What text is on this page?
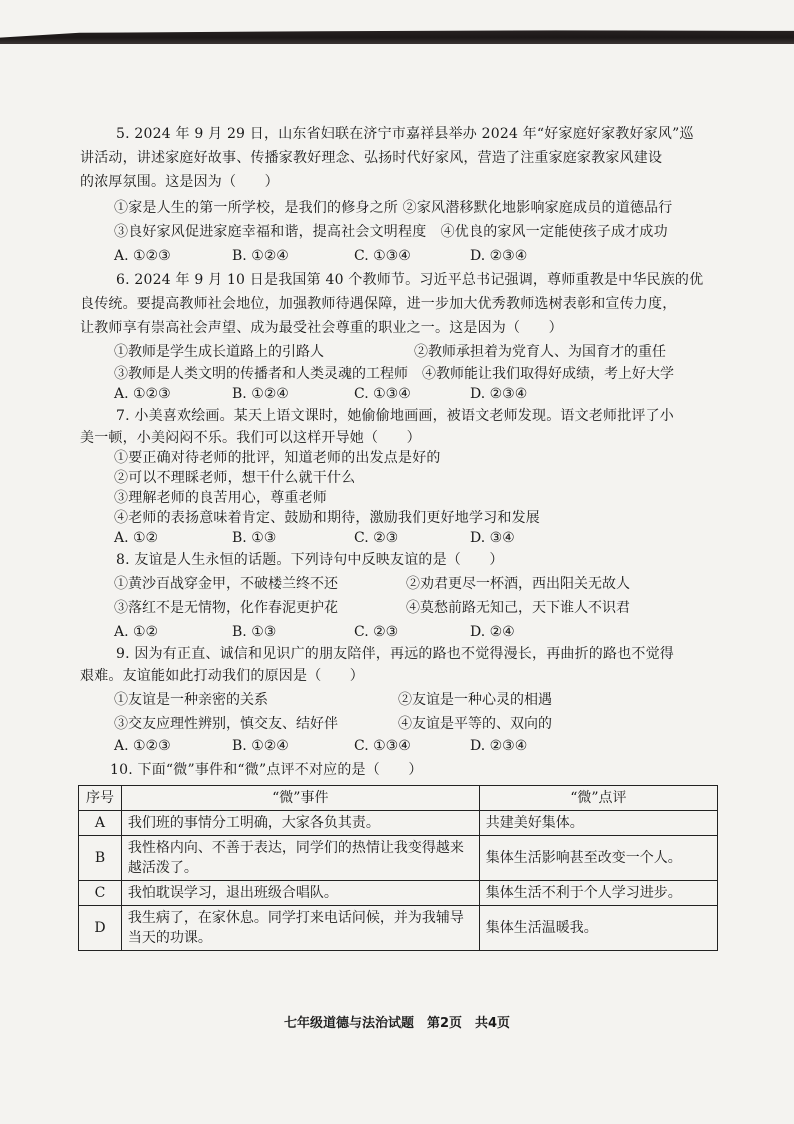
5. 2024 年 9 月 29 日，山东省妇联在济宁市嘉祥县举办 2024 年“好家庭好家教好家风”巡
讲活动，讲述家庭好故事、传播家教好理念、弘扬时代好家风，营造了注重家庭家教家风建设
的浓厚氛围。这是因为（　　）
①家是人生的第一所学校，是我们的修身之所 ②家风潜移默化地影响家庭成员的道德品行
③良好家风促进家庭幸福和谐，提高社会文明程度　④优良的家风一定能使孩子成才成功
A. ①②③	B. ①②④	C. ①③④	D. ②③④
6. 2024 年 9 月 10 日是我国第 40 个教师节。习近平总书记强调，尊师重教是中华民族的优
良传统。要提高教师社会地位，加强教师待遇保障，进一步加大优秀教师选树表彰和宣传力度，
让教师享有崇高社会声望、成为最受社会尊重的职业之一。这是因为（　　）
①教师是学生成长道路上的引路人	②教师承担着为党育人、为国育才的重任
③教师是人类文明的传播者和人类灵魂的工程师 ④教师能让我们取得好成绩，考上好大学
A. ①②③	B. ①②④	C. ①③④	D. ②③④
7. 小美喜欢绘画。某天上语文课时，她偷偷地画画，被语文老师发现。语文老师批评了小
美一顿，小美闷闷不乐。我们可以这样开导她（　　）
①要正确对待老师的批评，知道老师的出发点是好的
②可以不理睬老师，想干什么就干什么
③理解老师的良苦用心，尊重老师
④老师的表扬意味着肯定、鼓励和期待，激励我们更好地学习和发展
A. ①②	B. ①③	C. ②③	D. ③④
8. 友谊是人生永恒的话题。下列诗句中反映友谊的是（　　）
①黄沙百战穿金甲，不破楼兰终不还	②劝君更尽一杯酒，西出阳关无故人
③落红不是无情物，化作春泥更护花	④莫愁前路无知己，天下谁人不识君
A. ①②	B. ①③	C. ②③	D. ②④
9. 因为有正直、诚信和见识广的朋友陪伴，再远的路也不觉得漫长，再曲折的路也不觉得
艰难。友谊能如此打动我们的原因是（　　）
①友谊是一种亲密的关系	②友谊是一种心灵的相遇
③交友应理性辨别，慎交友、结好伴	④友谊是平等的、双向的
A. ①②③	B. ①②④	C. ①③④	D. ②③④
10. 下面“微”事件和“微”点评不对应的是（　　）
序号	“微”事件	“微”点评
A	我们班的事情分工明确，大家各负其责。	共建美好集体。
B	我性格内向、不善于表达，同学们的热情让我变得越来越活泼了。	集体生活影响甚至改变一个人。
C	我怕耽误学习，退出班级合唱队。	集体生活不利于个人学习进步。
D	我生病了，在家休息。同学打来电话问候，并为我辅导当天的功课。	集体生活温暖我。
七年级道德与法治试题　第2页　共4页
